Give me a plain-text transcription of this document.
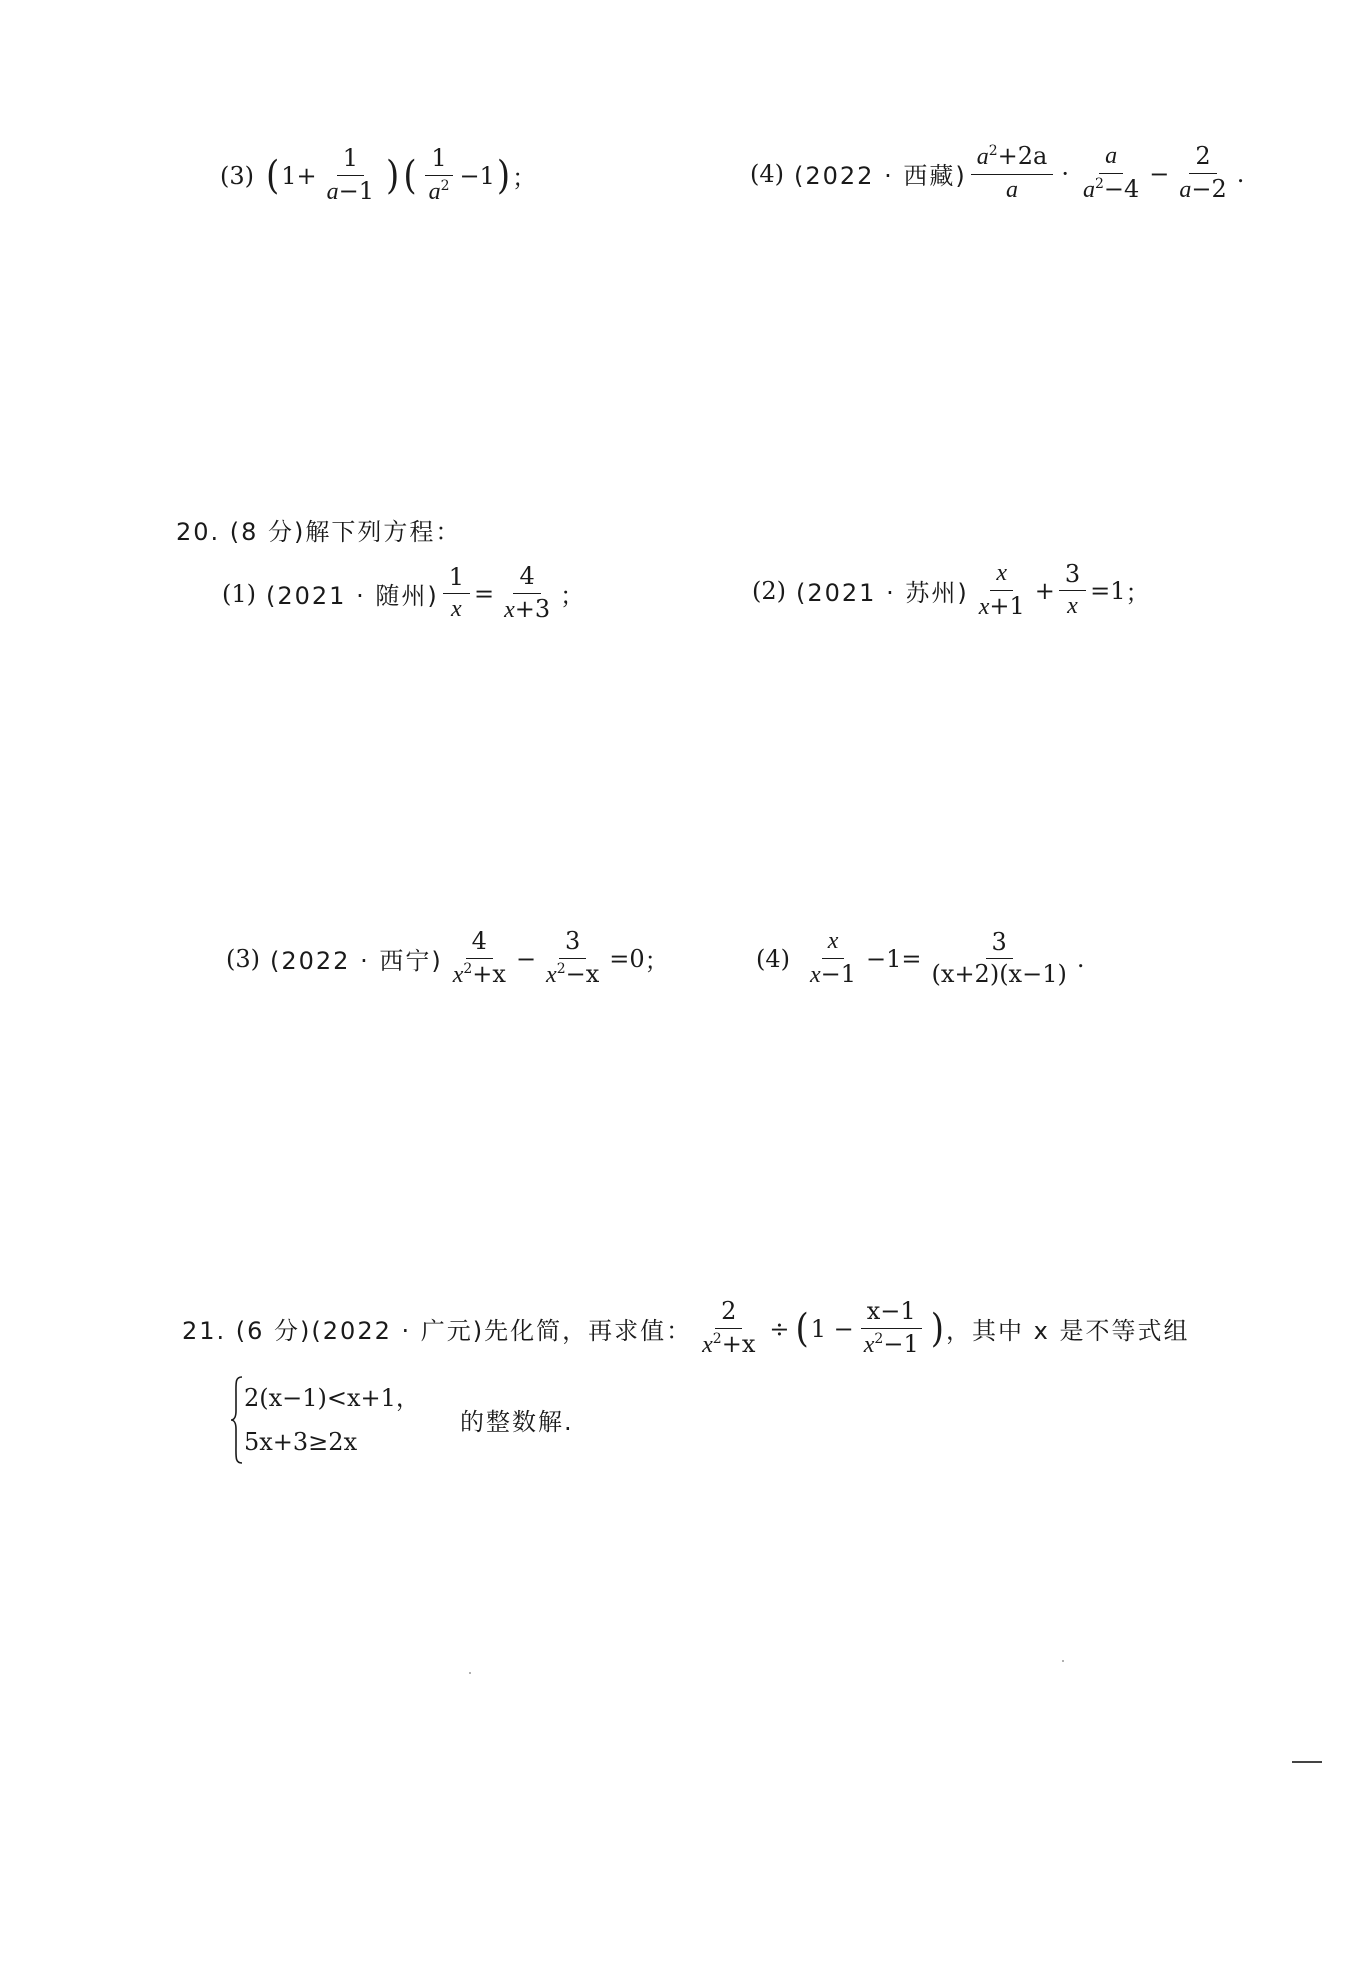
(3) ( $1 + \frac{1}{a-1}$ ) ( $\frac{1}{a^2} -1$ ) ；	(4) (2022 · 西藏) $\frac{a^2+2a}{a} \cdot \frac{a}{a^2-4} - \frac{2}{a-2}$ .
20. (8 分)解下列方程：
(1) (2021 · 随州) $\frac{1}{x} = \frac{4}{x+3}$ ；	(2) (2021 · 苏州) $\frac{x}{x+1} + \frac{3}{x} =1$ ；
(3) (2022 · 西宁) $\frac{4}{x^2+x} - \frac{3}{x^2-x} =0$ ；	$(4) \frac{x}{x-1} -1= \frac{3}{(x+2)(x-1)}$ .
21. (6 分)(2022 · 广元)先化简，再求值： $\frac{2}{x^2+x}$ ÷ ( $1 - \frac{x-1}{x^2-1}$ ) ，其中 x 是不等式组
2(x−1)<x+1，
5x+3≥2x
的整数解.
